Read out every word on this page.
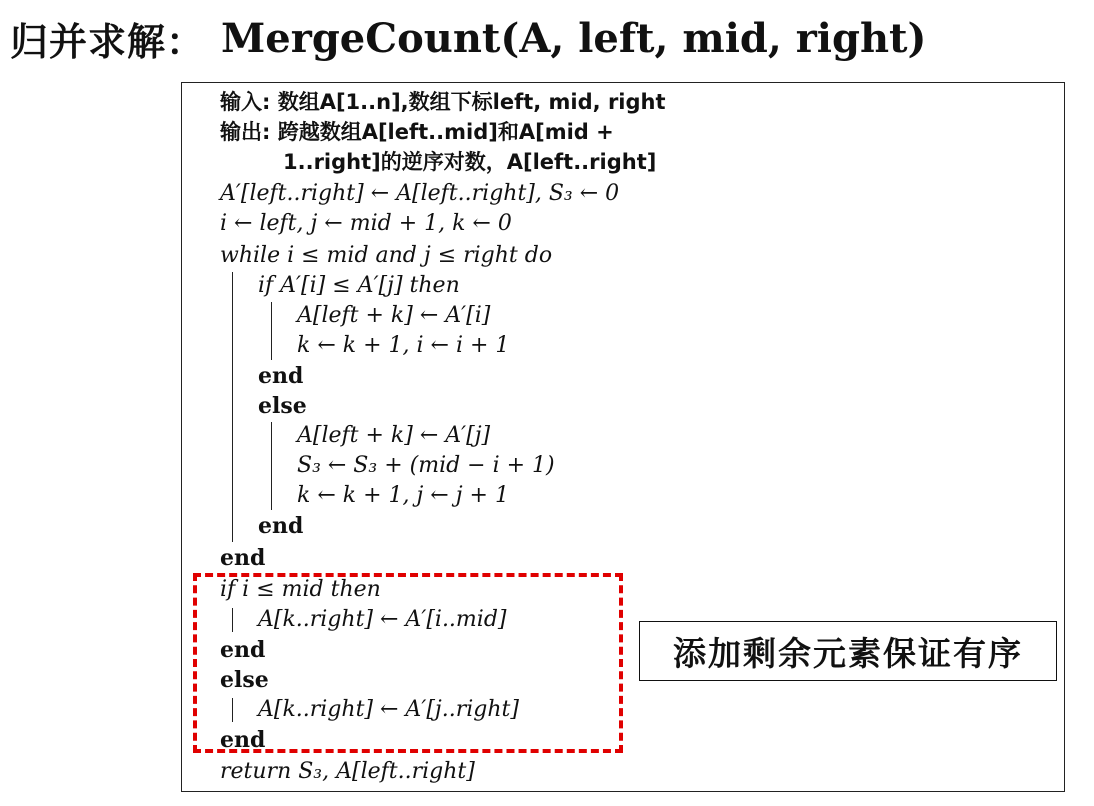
归并求解： MergeCount(A, left, mid, right)
输入: 数组A[1..n],数组下标left, mid, right
输出: 跨越数组A[left..mid]和A[mid +
1..right]的逆序对数，A[left..right]
A′[left..right] ← A[left..right], S₃ ← 0
i ← left, j ← mid + 1, k ← 0
while i ≤ mid and j ≤ right do
if A′[i] ≤ A′[j] then
A[left + k] ← A′[i]
k ← k + 1, i ← i + 1
end
else
A[left + k] ← A′[j]
S₃ ← S₃ + (mid − i + 1)
k ← k + 1, j ← j + 1
end
end
if i ≤ mid then
A[k..right] ← A′[i..mid]
end
else
A[k..right] ← A′[j..right]
end
return S₃, A[left..right]
添加剩余元素保证有序
